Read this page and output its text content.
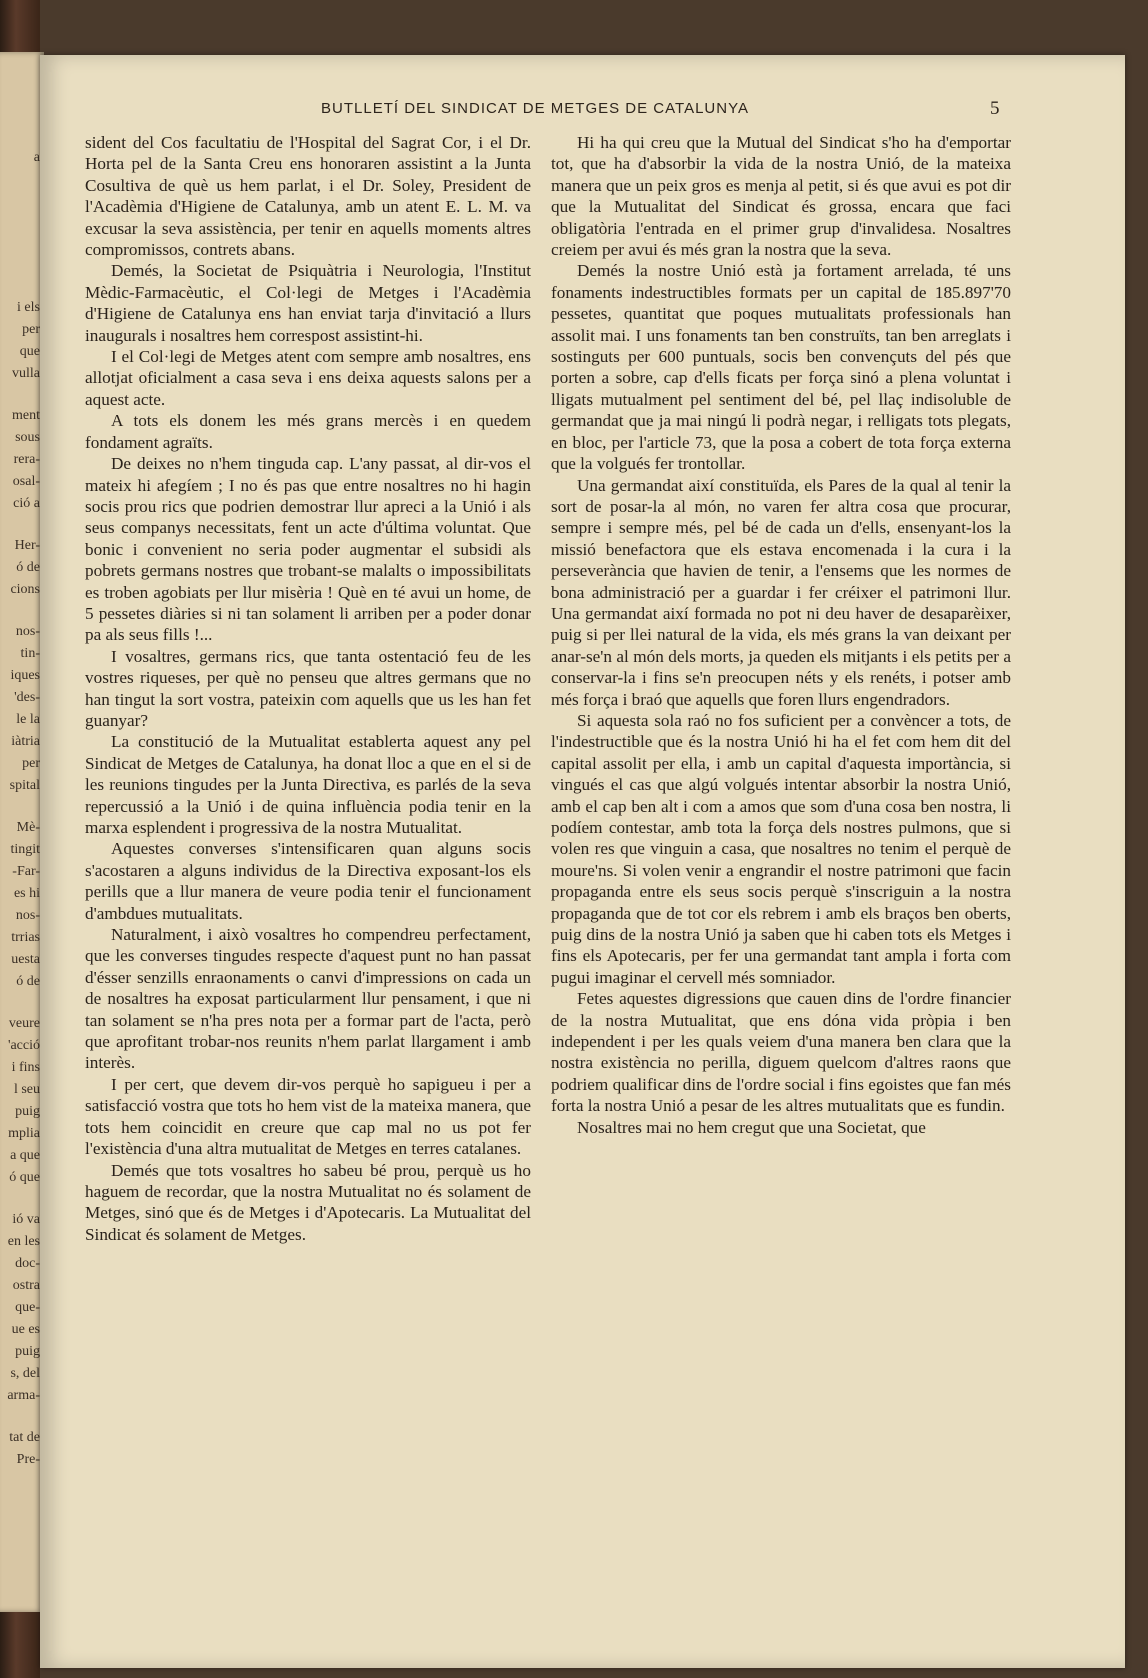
a
i els
per
que
vulla
ment
sous
rera-
osal-
ció a
Her-
ó de
cions
nos-
tin-
iques
'des-
le la
iàtria
per
spital
Mè-
tingit
-Far-
es hi
nos-
trrias
uesta
ó de
veure
'acció
i fins
l seu
puig
mplia
a que
ó que
ió va
en les
doc-
ostra
que-
ue es
puig
s, del
arma-
tat de
Pre-
BUTLLETÍ DEL SINDICAT DE METGES DE CATALUNYA	5

sident del Cos facultatiu de l'Hospital del Sagrat Cor, i el Dr. Horta pel de la Santa Creu ens honoraren assistint a la Junta Cosultiva de què us hem parlat, i el Dr. Soley, President de l'Acadèmia d'Higiene de Catalunya, amb un atent E. L. M. va excusar la seva assistència, per tenir en aquells moments altres compromissos, contrets abans.

Demés, la Societat de Psiquàtria i Neurologia, l'Institut Mèdic-Farmacèutic, el Col·legi de Metges i l'Acadèmia d'Higiene de Catalunya ens han enviat tarja d'invitació a llurs inaugurals i nosaltres hem correspost assistint-hi.

I el Col·legi de Metges atent com sempre amb nosaltres, ens allotjat oficialment a casa seva i ens deixa aquests salons per a aquest acte.

A tots els donem les més grans mercès i en quedem fondament agraïts.

De deixes no n'hem tinguda cap. L'any passat, al dir-vos el mateix hi afegíem ; I no és pas que entre nosaltres no hi hagin socis prou rics que podrien demostrar llur apreci a la Unió i als seus companys necessitats, fent un acte d'última voluntat. Que bonic i convenient no seria poder augmentar el subsidi als pobrets germans nostres que trobant-se malalts o impossibilitats es troben agobiats per llur misèria ! Què en té avui un home, de 5 pessetes diàries si ni tan solament li arriben per a poder donar pa als seus fills !...

I vosaltres, germans rics, que tanta ostentació feu de les vostres riqueses, per què no penseu que altres germans que no han tingut la sort vostra, pateixin com aquells que us les han fet guanyar?

La constitució de la Mutualitat establerta aquest any pel Sindicat de Metges de Catalunya, ha donat lloc a que en el si de les reunions tingudes per la Junta Directiva, es parlés de la seva repercussió a la Unió i de quina influència podia tenir en la marxa esplendent i progressiva de la nostra Mutualitat.

Aquestes converses s'intensificaren quan alguns socis s'acostaren a alguns individus de la Directiva exposant-los els perills que a llur manera de veure podia tenir el funcionament d'ambdues mutualitats.

Naturalment, i això vosaltres ho compendreu perfectament, que les converses tingudes respecte d'aquest punt no han passat d'ésser senzills enraonaments o canvi d'impressions on cada un de nosaltres ha exposat particularment llur pensament, i que ni tan solament se n'ha pres nota per a formar part de l'acta, però que aprofitant trobar-nos reunits n'hem parlat llargament i amb interès.

I per cert, que devem dir-vos perquè ho sapigueu i per a satisfacció vostra que tots ho hem vist de la mateixa manera, que tots hem coincidit en creure que cap mal no us pot fer l'existència d'una altra mutualitat de Metges en terres catalanes.

Demés que tots vosaltres ho sabeu bé prou, perquè us ho haguem de recordar, que la nostra Mutualitat no és solament de Metges, sinó que és de Metges i d'Apotecaris. La Mutualitat del Sindicat és solament de Metges.

Hi ha qui creu que la Mutual del Sindicat s'ho ha d'emportar tot, que ha d'absorbir la vida de la nostra Unió, de la mateixa manera que un peix gros es menja al petit, si és que avui es pot dir que la Mutualitat del Sindicat és grossa, encara que faci obligatòria l'entrada en el primer grup d'invalidesa. Nosaltres creiem per avui és més gran la nostra que la seva.

Demés la nostre Unió està ja fortament arrelada, té uns fonaments indestructibles formats per un capital de 185.897'70 pessetes, quantitat que poques mutualitats professionals han assolit mai. I uns fonaments tan ben construïts, tan ben arreglats i sostinguts per 600 puntuals, socis ben convençuts del pés que porten a sobre, cap d'ells ficats per força sinó a plena voluntat i lligats mutualment pel sentiment del bé, pel llaç indisoluble de germandat que ja mai ningú li podrà negar, i relligats tots plegats, en bloc, per l'article 73, que la posa a cobert de tota força externa que la volgués fer trontollar.

Una germandat així constituïda, els Pares de la qual al tenir la sort de posar-la al món, no varen fer altra cosa que procurar, sempre i sempre més, pel bé de cada un d'ells, ensenyant-los la missió benefactora que els estava encomenada i la cura i la perseverància que havien de tenir, a l'ensems que les normes de bona administració per a guardar i fer créixer el patrimoni llur. Una germandat així formada no pot ni deu haver de desaparèixer, puig si per llei natural de la vida, els més grans la van deixant per anar-se'n al món dels morts, ja queden els mitjants i els petits per a conservar-la i fins se'n preocupen néts y els renéts, i potser amb més força i braó que aquells que foren llurs engendradors.

Si aquesta sola raó no fos suficient per a convèncer a tots, de l'indestructible que és la nostra Unió hi ha el fet com hem dit del capital assolit per ella, i amb un capital d'aquesta importància, si vingués el cas que algú volgués intentar absorbir la nostra Unió, amb el cap ben alt i com a amos que som d'una cosa ben nostra, li podíem contestar, amb tota la força dels nostres pulmons, que si volen res que vinguin a casa, que nosaltres no tenim el perquè de moure'ns. Si volen venir a engrandir el nostre patrimoni que facin propaganda entre els seus socis perquè s'inscriguin a la nostra propaganda que de tot cor els rebrem i amb els braços ben oberts, puig dins de la nostra Unió ja saben que hi caben tots els Metges i fins els Apotecaris, per fer una germandat tant ampla i forta com pugui imaginar el cervell més somniador.

Fetes aquestes digressions que cauen dins de l'ordre financier de la nostra Mutualitat, que ens dóna vida pròpia i ben independent i per les quals veiem d'una manera ben clara que la nostra existència no perilla, diguem quelcom d'altres raons que podriem qualificar dins de l'ordre social i fins egoistes que fan més forta la nostra Unió a pesar de les altres mutualitats que es fundin.

Nosaltres mai no hem cregut que una Societat, que
